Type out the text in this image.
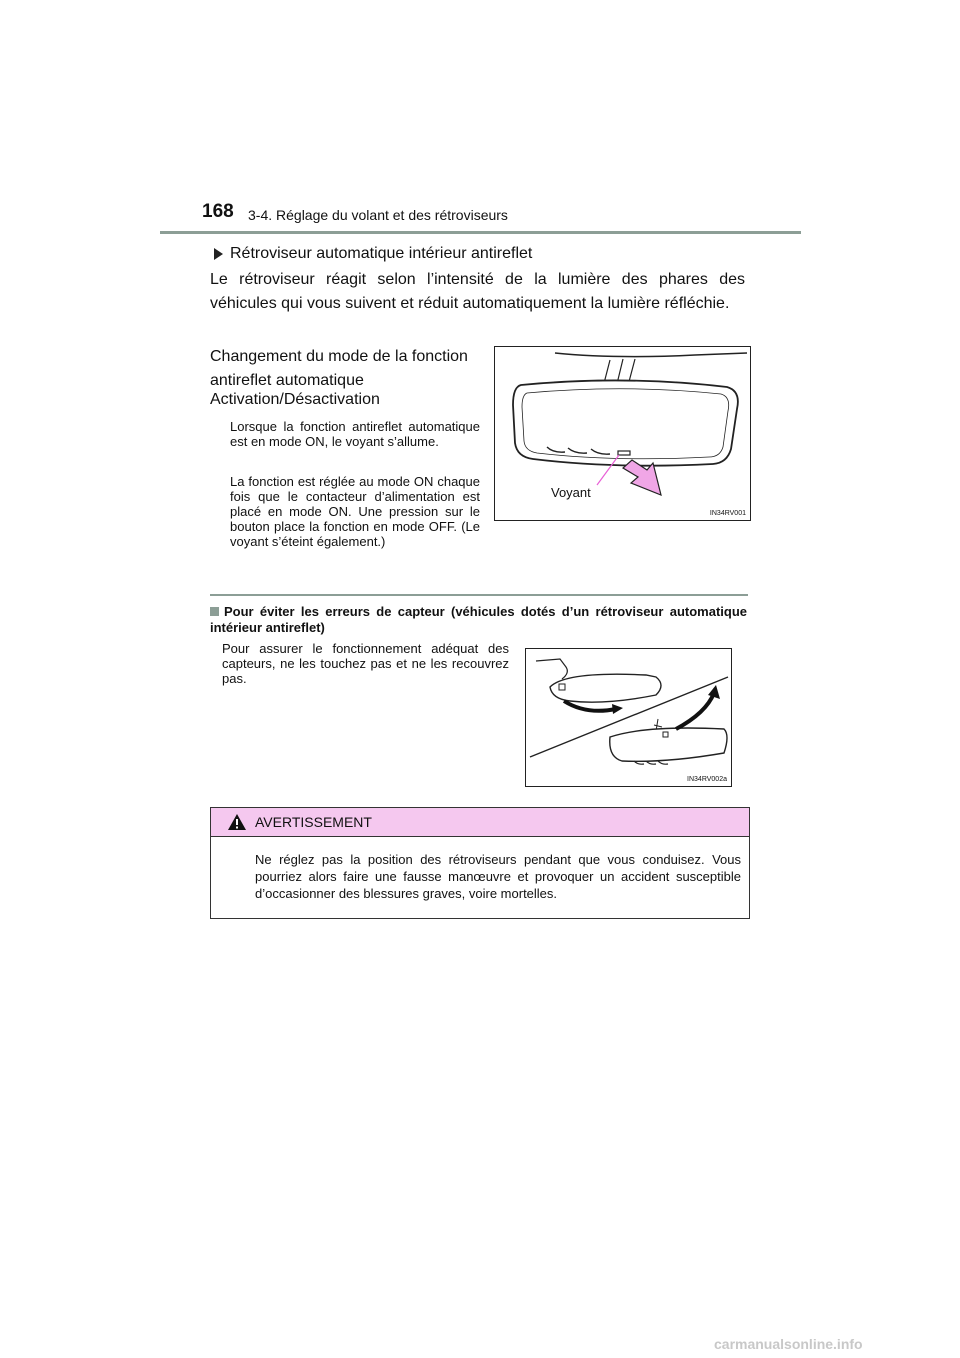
168 3-4. Réglage du volant et des rétroviseurs
Rétroviseur automatique intérieur antireflet
Le rétroviseur réagit selon l’intensité de la lumière des phares des véhicules qui vous suivent et réduit automatiquement la lumière réfléchie.
Changement du mode de la fonction antireflet automatique
Activation/Désactivation
Lorsque la fonction antireflet automatique est en mode ON, le voyant s’allume.
La fonction est réglée au mode ON chaque fois que le contacteur d’alimentation est placé en mode ON. Une pression sur le bouton place la fonction en mode OFF. (Le voyant s’éteint également.)
Voyant
IN34RV001
Pour éviter les erreurs de capteur (véhicules dotés d’un rétroviseur automatique intérieur antireflet)
Pour assurer le fonctionnement adéquat des capteurs, ne les touchez pas et ne les recouvrez pas.
IN34RV002a
AVERTISSEMENT
Ne réglez pas la position des rétroviseurs pendant que vous conduisez. Vous pourriez alors faire une fausse manœuvre et provoquer un accident susceptible d’occasionner des blessures graves, voire mortelles.
carmanualsonline.info
